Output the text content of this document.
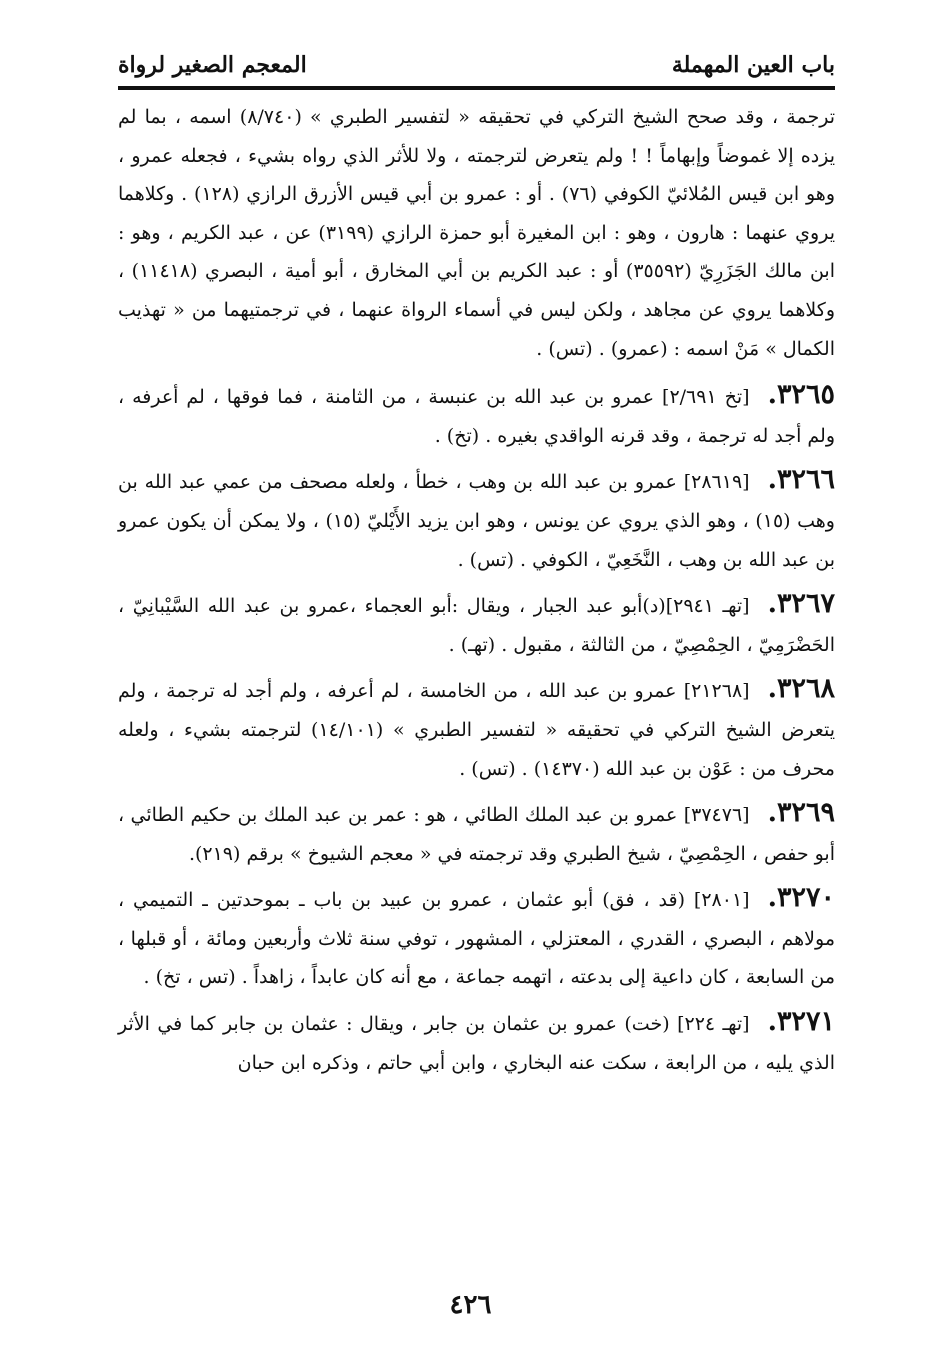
باب العين المهملة
المعجم الصغير لرواة

ترجمة ، وقد صحح الشيخ التركي في تحقيقه « لتفسير الطبري » (٨/٧٤٠) اسمه ، بما لم يزده إلا غموضاً وإبهاماً ! ! ولم يتعرض لترجمته ، ولا للأثر الذي رواه بشيء ، فجعله عمرو ، وهو ابن قيس المُلائيّ الكوفي (٧٦) . أو : عمرو بن أبي قيس الأزرق الرازي (١٢٨) . وكلاهما يروي عنهما : هارون ، وهو : ابن المغيرة أبو حمزة الرازي (٣١٩٩) عن ، عبد الكريم ، وهو : ابن مالك الجَزَرِيّ (٣٥٥٩٢) أو : عبد الكريم بن أبي المخارق ، أبو أمية ، البصري (١١٤١٨) ، وكلاهما يروي عن مجاهد ، ولكن ليس في أسماء الرواة عنهما ، في ترجمتيهما من « تهذيب الكمال » مَنْ اسمه : (عمرو) . (تس) .

٣٢٦٥ .[تخ ٢/٦٩١] عمرو بن عبد الله بن عنبسة ، من الثامنة ، فما فوقها ، لم أعرفه ، ولم أجد له ترجمة ، وقد قرنه الواقدي بغيره . (تخ) .

٣٢٦٦ .[٢٨٦١٩] عمرو بن عبد الله بن وهب ، خطأ ، ولعله مصحف من عمي عبد الله بن وهب (١٥) ، وهو الذي يروي عن يونس ، وهو ابن يزيد الأَيْليّ (١٥) ، ولا يمكن أن يكون عمرو بن عبد الله بن وهب ، النَّخَعِيّ ، الكوفي . (تس) .

٣٢٦٧ .[تهـ ٢٩٤١](د)أبو عبد الجبار ، ويقال :أبو العجماء ،عمرو بن عبد الله السَّيْبانِيّ ، الحَضْرَمِيّ ، الحِمْصِيّ ، من الثالثة ، مقبول . (تهـ) .

٣٢٦٨ .[٢١٢٦٨] عمرو بن عبد الله ، من الخامسة ، لم أعرفه ، ولم أجد له ترجمة ، ولم يتعرض الشيخ التركي في تحقيقه « لتفسير الطبري » (١٤/١٠١) لترجمته بشيء ، ولعله محرف من : عَوْن بن عبد الله (١٤٣٧٠) . (تس) .

٣٢٦٩ .[٣٧٤٧٦] عمرو بن عبد الملك الطائي ، هو : عمر بن عبد الملك بن حكيم الطائي ، أبو حفص ، الحِمْصِيّ ، شيخ الطبري وقد ترجمته في « معجم الشيوخ » برقم (٢١٩).

٣٢٧٠ .[٢٨٠١] (قد ، فق) أبو عثمان ، عمرو بن عبيد بن باب ـ بموحدتين ـ التميمي ، مولاهم ، البصري ، القدري ، المعتزلي ، المشهور ، توفي سنة ثلاث وأربعين ومائة ، أو قبلها ، من السابعة ، كان داعية إلى بدعته ، اتهمه جماعة ، مع أنه كان عابداً ، زاهداً . (تس ، تخ) .

٣٢٧١ .[تهـ ٢٢٤] (خت) عمرو بن عثمان بن جابر ، ويقال : عثمان بن جابر كما في الأثر الذي يليه ، من الرابعة ، سكت عنه البخاري ، وابن أبي حاتم ، وذكره ابن حبان

٤٢٦
